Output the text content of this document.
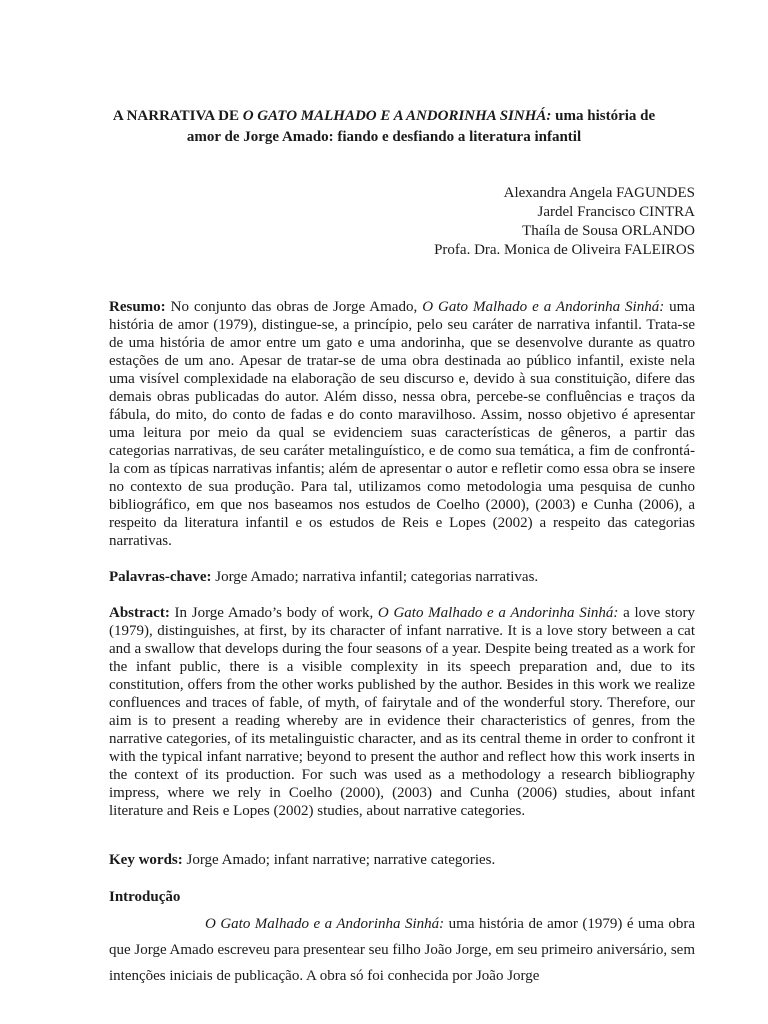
A NARRATIVA DE O GATO MALHADO E A ANDORINHA SINHÁ: uma história de amor de Jorge Amado: fiando e desfiando a literatura infantil
Alexandra Angela FAGUNDES
Jardel Francisco CINTRA
Thaíla de Sousa ORLANDO
Profa. Dra. Monica de Oliveira FALEIROS
Resumo: No conjunto das obras de Jorge Amado, O Gato Malhado e a Andorinha Sinhá: uma história de amor (1979), distingue-se, a princípio, pelo seu caráter de narrativa infantil. Trata-se de uma história de amor entre um gato e uma andorinha, que se desenvolve durante as quatro estações de um ano. Apesar de tratar-se de uma obra destinada ao público infantil, existe nela uma visível complexidade na elaboração de seu discurso e, devido à sua constituição, difere das demais obras publicadas do autor. Além disso, nessa obra, percebe-se confluências e traços da fábula, do mito, do conto de fadas e do conto maravilhoso. Assim, nosso objetivo é apresentar uma leitura por meio da qual se evidenciem suas características de gêneros, a partir das categorias narrativas, de seu caráter metalinguístico, e de como sua temática, a fim de confrontá-la com as típicas narrativas infantis; além de apresentar o autor e refletir como essa obra se insere no contexto de sua produção. Para tal, utilizamos como metodologia uma pesquisa de cunho bibliográfico, em que nos baseamos nos estudos de Coelho (2000), (2003) e Cunha (2006), a respeito da literatura infantil e os estudos de Reis e Lopes (2002) a respeito das categorias narrativas.
Palavras-chave: Jorge Amado; narrativa infantil; categorias narrativas.
Abstract: In Jorge Amado’s body of work, O Gato Malhado e a Andorinha Sinhá: a love story (1979), distinguishes, at first, by its character of infant narrative. It is a love story between a cat and a swallow that develops during the four seasons of a year. Despite being treated as a work for the infant public, there is a visible complexity in its speech preparation and, due to its constitution, offers from the other works published by the author. Besides in this work we realize confluences and traces of fable, of myth, of fairytale and of the wonderful story. Therefore, our aim is to present a reading whereby are in evidence their characteristics of genres, from the narrative categories, of its metalinguistic character, and as its central theme in order to confront it with the typical infant narrative; beyond to present the author and reflect how this work inserts in the context of its production. For such was used as a methodology a research bibliography impress, where we rely in Coelho (2000), (2003) and Cunha (2006) studies, about infant literature and Reis e Lopes (2002) studies, about narrative categories.
Key words: Jorge Amado; infant narrative; narrative categories.
Introdução
O Gato Malhado e a Andorinha Sinhá: uma história de amor (1979) é uma obra que Jorge Amado escreveu para presentear seu filho João Jorge, em seu primeiro aniversário, sem intenções iniciais de publicação. A obra só foi conhecida por João Jorge
